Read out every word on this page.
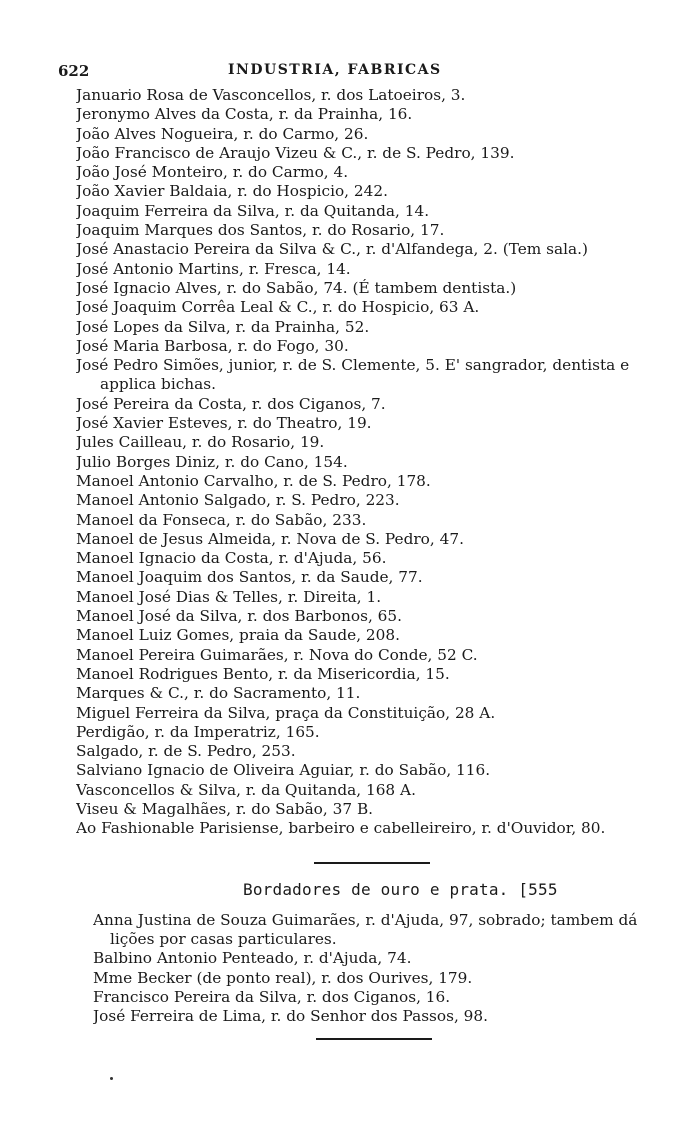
622	INDUSTRIA, FABRICAS
Januario Rosa de Vasconcellos, r. dos Latoeiros, 3.
Jeronymo Alves da Costa, r. da Prainha, 16.
João Alves Nogueira, r. do Carmo, 26.
João Francisco de Araujo Vizeu & C., r. de S. Pedro, 139.
João José Monteiro, r. do Carmo, 4.
João Xavier Baldaia, r. do Hospicio, 242.
Joaquim Ferreira da Silva, r. da Quitanda, 14.
Joaquim Marques dos Santos, r. do Rosario, 17.
José Anastacio Pereira da Silva & C., r. d'Alfandega, 2. (Tem sala.)
José Antonio Martins, r. Fresca, 14.
José Ignacio Alves, r. do Sabão, 74. (É tambem dentista.)
José Joaquim Corrêa Leal & C., r. do Hospicio, 63 A.
José Lopes da Silva, r. da Prainha, 52.
José Maria Barbosa, r. do Fogo, 30.
José Pedro Simões, junior, r. de S. Clemente, 5. E' sangrador, dentista e applica bichas.
José Pereira da Costa, r. dos Ciganos, 7.
José Xavier Esteves, r. do Theatro, 19.
Jules Cailleau, r. do Rosario, 19.
Julio Borges Diniz, r. do Cano, 154.
Manoel Antonio Carvalho, r. de S. Pedro, 178.
Manoel Antonio Salgado, r. S. Pedro, 223.
Manoel da Fonseca, r. do Sabão, 233.
Manoel de Jesus Almeida, r. Nova de S. Pedro, 47.
Manoel Ignacio da Costa, r. d'Ajuda, 56.
Manoel Joaquim dos Santos, r. da Saude, 77.
Manoel José Dias & Telles, r. Direita, 1.
Manoel José da Silva, r. dos Barbonos, 65.
Manoel Luiz Gomes, praia da Saude, 208.
Manoel Pereira Guimarães, r. Nova do Conde, 52 C.
Manoel Rodrigues Bento, r. da Misericordia, 15.
Marques & C., r. do Sacramento, 11.
Miguel Ferreira da Silva, praça da Constituição, 28 A.
Perdigão, r. da Imperatriz, 165.
Salgado, r. de S. Pedro, 253.
Salviano Ignacio de Oliveira Aguiar, r. do Sabão, 116.
Vasconcellos & Silva, r. da Quitanda, 168 A.
Viseu & Magalhães, r. do Sabão, 37 B.
Ao Fashionable Parisiense, barbeiro e cabelleireiro, r. d'Ouvidor, 80.
Bordadores de ouro e prata. [555
Anna Justina de Souza Guimarães, r. d'Ajuda, 97, sobrado; tambem dá lições por casas particulares.
Balbino Antonio Penteado, r. d'Ajuda, 74.
Mme Becker (de ponto real), r. dos Ourives, 179.
Francisco Pereira da Silva, r. dos Ciganos, 16.
José Ferreira de Lima, r. do Senhor dos Passos, 98.
